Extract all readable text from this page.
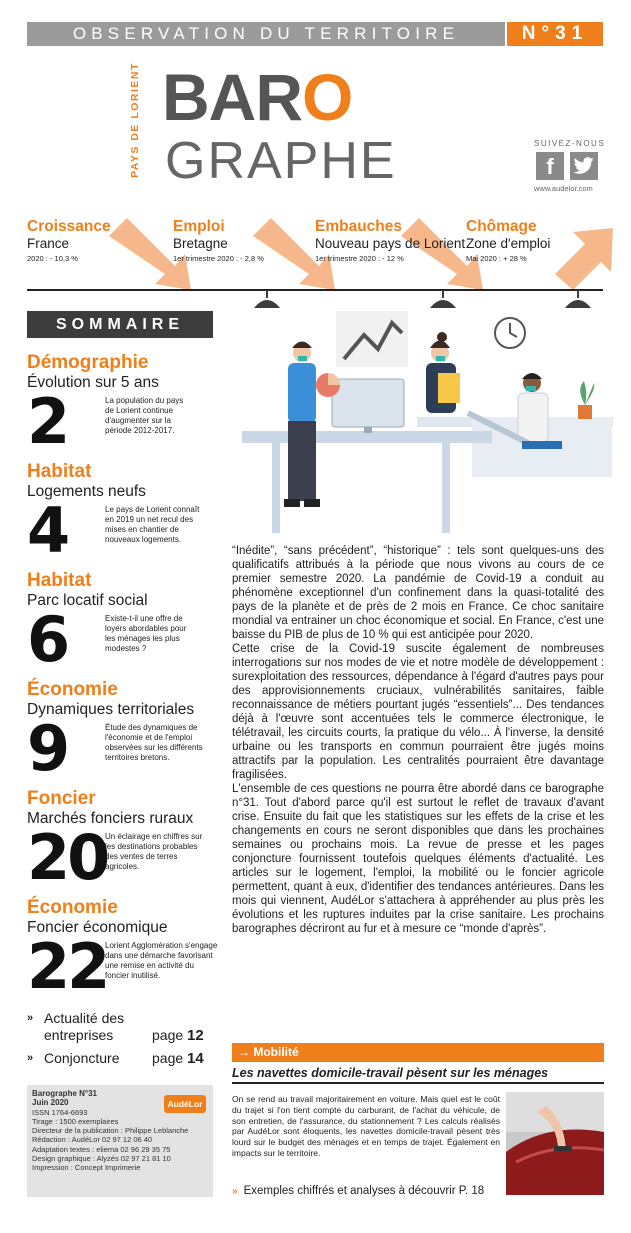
OBSERVATION DU TERRITOIRE	N°31
PAYS DE LORIENT BARO
GRAPHE	SUIVEZ-NOUS
f
www.audelor.com
Croissance
France
2020 : - 10,3 %
Emploi
Bretagne
1er trimestre 2020 : - 2,8 %
Embauches
Nouveau pays de Lorient
1er trimestre 2020 : - 12 %
Chômage
Zone d'emploi
Mai 2020 : + 28 %
SOMMAIRE
Démographie
Évolution sur 5 ans
2	La population du pays de Lorient continue d'augmenter sur la période 2012-2017.
Habitat
Logements neufs
4	Le pays de Lorient connaît en 2019 un net recul des mises en chantier de nouveaux logements.
Habitat
Parc locatif social
6	Existe-t-il une offre de loyers abordables pour les ménages les plus modestes ?
Économie
Dynamiques territoriales
9	Étude des dynamiques de l'économie et de l'emploi observées sur les différents territoires bretons.
Foncier
Marchés fonciers ruraux
20
Un éclairage en chiffres sur les destinations probables des ventes de terres agricoles.
Économie
Foncier économique
22
Lorient Agglomération s'engage dans une démarche favorisant une remise en activité du foncier inutilisé.
» Actualité des entreprises	page 12
» Conjoncture page 14
Barographe N°31
Juin 2020
ISSN 1764-6693
Tirage : 1500 exemplaires
Directeur de la publication : Philippe Leblanche
Rédaction : AudéLor 02 97 12 06 40
Adaptation textes : eliema 02 96 29 35 75
Design graphique : Alyzés 02 97 21 81 10
Impression : Concept Imprimerie
AudéLor

“Inédite”, “sans précédent”, “historique” : tels sont quelques-uns des qualificatifs attribués à la période que nous vivons au cours de ce premier semestre 2020. La pandémie de Covid-19 a conduit au phénomène exceptionnel d'un confinement dans la quasi-totalité des pays de la planète et de près de 2 mois en France. Ce choc sanitaire mondial va entrainer un choc économique et social. En France, c'est une baisse du PIB de plus de 10 % qui est anticipée pour 2020.

Cette crise de la Covid-19 suscite également de nombreuses interrogations sur nos modes de vie et notre modèle de développement : surexploitation des ressources, dépendance à l'égard d'autres pays pour des approvisionnements cruciaux, vulnérabilités sanitaires, faible reconnaissance de métiers pourtant jugés “essentiels”... Des tendances déjà à l'œuvre sont accentuées tels le commerce électronique, le télétravail, les circuits courts, la pratique du vélo... À l'inverse, la densité urbaine ou les transports en commun pourraient être jugés moins attractifs par la population. Les centralités pourraient être davantage fragilisées.

L'ensemble de ces questions ne pourra être abordé dans ce barographe n°31. Tout d'abord parce qu'il est surtout le reflet de travaux d'avant crise. Ensuite du fait que les statistiques sur les effets de la crise et les changements en cours ne seront disponibles que dans les prochaines semaines ou prochains mois. La revue de presse et les pages conjoncture fournissent toutefois quelques éléments d'actualité. Les articles sur le logement, l'emploi, la mobilité ou le foncier agricole permettent, quant à eux, d'identifier des tendances antérieures. Dans les mois qui viennent, AudéLor s'attachera à appréhender au plus près les évolutions et les ruptures induites par la crise sanitaire. Les prochains barographes décriront au fur et à mesure ce “monde d'après”.

→ Mobilité
Les navettes domicile-travail pèsent sur les ménages
On se rend au travail majoritairement en voiture. Mais quel est le coût du trajet si l'on tient compte du carburant, de l'achat du véhicule, de son entretien, de l'assurance, du stationnement ? Les calculs réalisés par AudéLor sont éloquents, les navettes domicile-travail pèsent très lourd sur le budget des ménages et en temps de trajet. Également en impacts sur le territoire.
» Exemples chiffrés et analyses à découvrir P. 18
